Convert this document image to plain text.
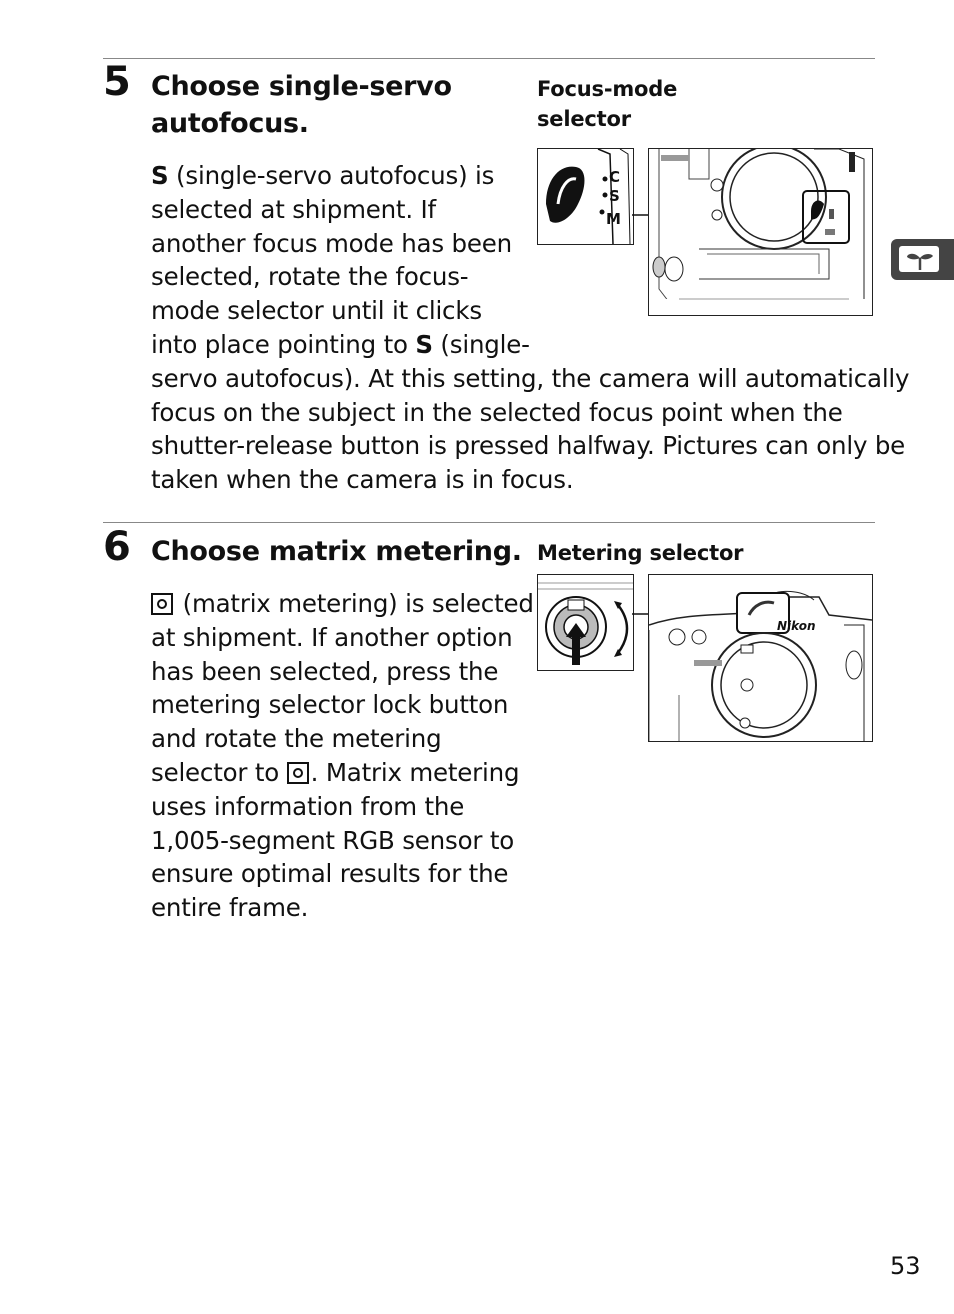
5 Choose single-servo
autofocus.
Focus-mode
selector
C
S
M
S (single-servo autofocus) is
selected at shipment. If
another focus mode has been
selected, rotate the focus-
mode selector until it clicks
into place pointing to S (single-
servo autofocus). At this setting, the camera will automatically
focus on the subject in the selected focus point when the
shutter-release button is pressed halfway. Pictures can only be
taken when the camera is in focus.
6 Choose matrix metering. Metering selector
Nikon
(matrix metering) is selected
at shipment. If another option
has been selected, press the
metering selector lock button
and rotate the metering
selector to . Matrix metering
uses information from the
1,005-segment RGB sensor to
ensure optimal results for the
entire frame.
53
